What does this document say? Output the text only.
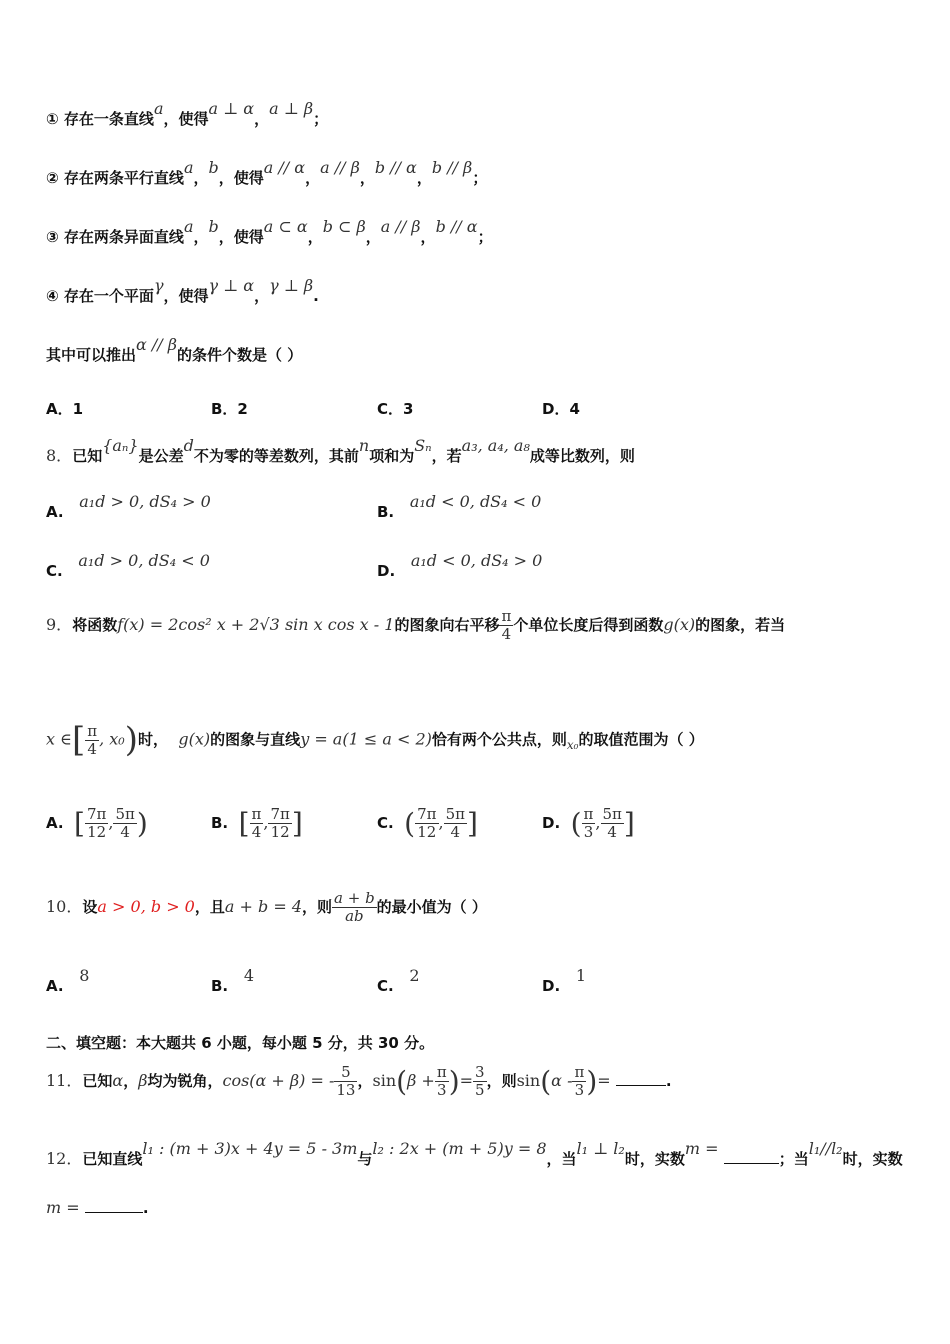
① 存在一条直线a，使得a ⊥ α，a ⊥ β；
② 存在两条平行直线a，b，使得a // α，a // β，b // α，b // β；
③ 存在两条异面直线a，b，使得a ⊂ α，b ⊂ β，a // β，b // α；
④ 存在一个平面γ，使得γ ⊥ α，γ ⊥ β.
其中可以推出α // β的条件个数是（ ）
A．1	B．2	C．3	D．4
8．已知{aₙ}是公差d不为零的等差数列，其前n项和为Sₙ，若a₃, a₄, a₈成等比数列，则
A.   a₁d > 0, dS₄ > 0
B.   a₁d < 0, dS₄ < 0
C.   a₁d > 0, dS₄ < 0
D.   a₁d < 0, dS₄ > 0
9．将函数f(x) = 2cos² x + 2√3 sin x cos x - 1的图象向右平移 $\frac{\pi}{4}$ 个单位长度后得到函数g(x)的图象，若当
x ∈[ $\frac{\pi}{4}$ , x₀)时， g(x)的图象与直线y = a(1 ≤ a < 2)恰有两个公共点，则$_{x_0}$的取值范围为（ ）
A. [ $\frac{7\pi}{12}$ , $\frac{5\pi}{4}$ )	B. [ $\frac{\pi}{4}$ , $\frac{7\pi}{12}$ ]	C. ( $\frac{7\pi}{12}$ , $\frac{5\pi}{4}$ ]	D. ( $\frac{\pi}{3}$ , $\frac{5\pi}{4}$ ]
10．设a > 0, b > 0，且a + b = 4，则 $\frac{a + b}{ab}$ 的最小值为（ ）
A.   8
B.   4
C.   2
D.   1
二、填空题：本大题共 6 小题，每小题 5 分，共 30 分。
11．已知α，β均为锐角，cos(α + β) = - $\frac{5}{13}$ ，$\sin(\beta + \frac{\pi}{3}$ )= $\frac{3}{5}$ ，则$\sin(\alpha - \frac{\pi}{3}$ )=	.
12．已知直线l₁ : (m + 3)x + 4y = 5 - 3m与l₂ : 2x + (m + 5)y = 8，当l₁ ⊥ l₂时，实数m = ；当l₁//l₂时，实数
m =	.
